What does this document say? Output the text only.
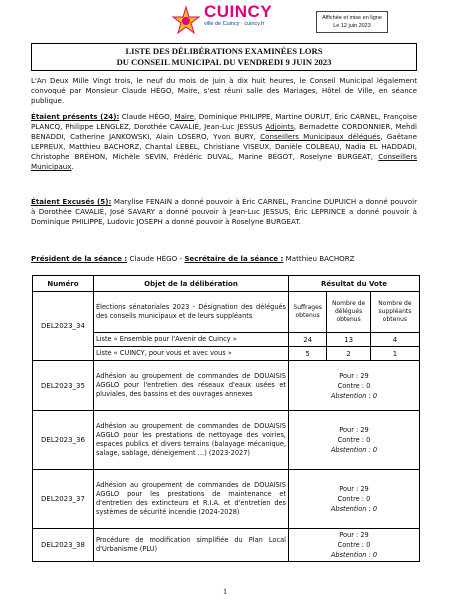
CUINCY
ville de Cuincy · cuincy.fr
Affichée et mise en ligne
Le 12 juin 2023
LISTE DES DÉLIBÉRATIONS EXAMINÉES LORS
DU CONSEIL MUNICIPAL DU VENDREDI 9 JUIN 2023
L'An Deux Mille Vingt trois, le neuf du mois de juin à dix huit heures, le Conseil Municipal légalement convoqué par Monsieur Claude HÉGO, Maire, s'est réuni salle des Mariages, Hôtel de Ville, en séance publique.
Étaient présents (24): Claude HÉGO, Maire, Dominique PHILIPPE, Martine DURUT, Éric CARNEL, Françoise PLANCQ, Philippe LENGLEZ, Dorothée CAVALIÉ, Jean-Luc JESSUS Adjoints, Bernadette CORDONNIER, Mehdi BENADDI, Catherine JANKOWSKI, Alain LOSERO, Yvon BURY, Conseillers Municipaux délégués, Gaëtane LEPREUX, Matthieu BACHORZ, Chantal LEBEL, Christiane VISEUX, Danièle COLBEAU, Nadia EL HADDADI, Christophe BRÉHON, Michèle SEVIN, Frédéric DUVAL, Marine BÉGOT, Roselyne BURGEAT, Conseillers Municipaux.
Étaient Excusés (5): Marylise FENAIN a donné pouvoir à Éric CARNEL, Francine DUPUICH a donné pouvoir à Dorothée CAVALIÉ, José SAVARY a donné pouvoir à Jean-Luc JESSUS, Éric LEPRINCE a donné pouvoir à Dominique PHILIPPE, Ludovic JOSEPH a donné pouvoir à Roselyne BURGEAT.
Président de la séance : Claude HÉGO - Secrétaire de la séance : Matthieu BACHORZ
Numéro	Objet de la délibération	Résultat du Vote		
DEL2023_34	Élections sénatoriales 2023 - Désignation des délégués des conseils municipaux et de leurs suppléants	Suffrages obtenus	Nombre de délégués obtenus	Nombre de suppléants obtenus
	Liste « Ensemble pour l'Avenir de Cuincy »	24	13	4
	Liste « CUINCY, pour vous et avec vous »	5	2	1
DEL2023_35	Adhésion au groupement de commandes de DOUAISIS AGGLO pour l'entretien des réseaux d'eaux usées et pluviales, des bassins et des ouvrages annexes	Pour : 29
Contre : 0
Abstention : 0		

DEL2023_36	Adhésion au groupement de commandes de DOUAISIS AGGLO pour les prestations de nettoyage des voiries, espaces publics et divers terrains (balayage mécanique, salage, sablage, déneigement …) (2023-2027)	Pour : 29
Contre : 0
Abstention : 0		

DEL2023_37	Adhésion au groupement de commandes de DOUAISIS AGGLO pour les prestations de maintenance et d'entretien des extincteurs et R.I.A. et d'entretien des systèmes de sécurité incendie (2024-2028)	Pour : 29
Contre : 0
Abstention : 0		

DEL2023_38	Procédure de modification simplifiée du Plan Local d'Urbanisme (PLU)	Pour : 29
Contre : 0
Abstention : 0		
1
